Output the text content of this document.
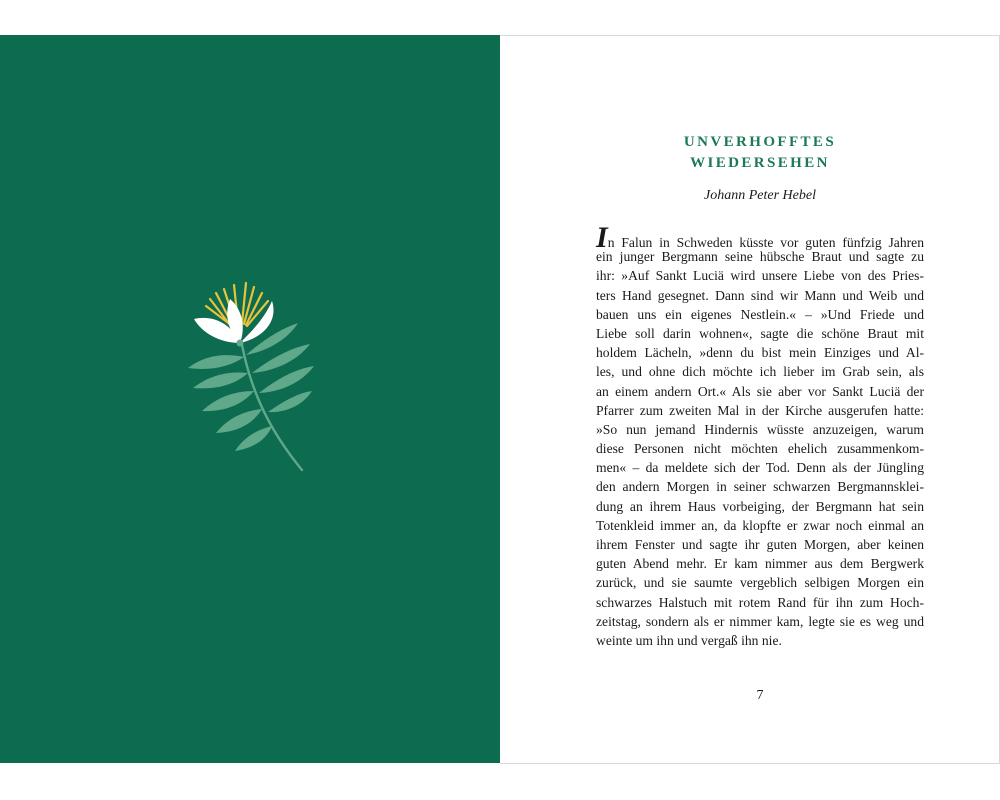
UNVERHOFFTES
WIEDERSEHEN
Johann Peter Hebel
In Falun in Schweden küsste vor guten fünfzig Jahren
ein junger Bergmann seine hübsche Braut und sagte zu
ihr: »Auf Sankt Luciä wird unsere Liebe von des Pries-
ters Hand gesegnet. Dann sind wir Mann und Weib und
bauen uns ein eigenes Nestlein.« – »Und Friede und
Liebe soll darin wohnen«, sagte die schöne Braut mit
holdem Lächeln, »denn du bist mein Einziges und Al-
les, und ohne dich möchte ich lieber im Grab sein, als
an einem andern Ort.« Als sie aber vor Sankt Luciä der
Pfarrer zum zweiten Mal in der Kirche ausgerufen hatte:
»So nun jemand Hindernis wüsste anzuzeigen, warum
diese Personen nicht möchten ehelich zusammenkom-
men« – da meldete sich der Tod. Denn als der Jüngling
den andern Morgen in seiner schwarzen Bergmannsklei-
dung an ihrem Haus vorbeiging, der Bergmann hat sein
Totenkleid immer an, da klopfte er zwar noch einmal an
ihrem Fenster und sagte ihr guten Morgen, aber keinen
guten Abend mehr. Er kam nimmer aus dem Bergwerk
zurück, und sie saumte vergeblich selbigen Morgen ein
schwarzes Halstuch mit rotem Rand für ihn zum Hoch-
zeitstag, sondern als er nimmer kam, legte sie es weg und
weinte um ihn und vergaß ihn nie.
7
